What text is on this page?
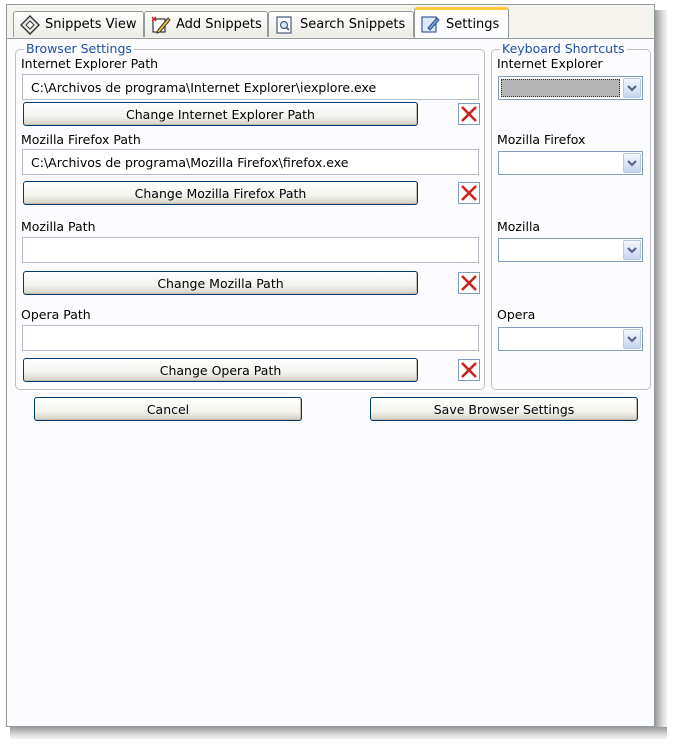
Snippets View	Add Snippets	Search Snippets	Settings
Browser Settings
Internet Explorer Path
C:\Archivos de programa\Internet Explorer\iexplore.exe
Change Internet Explorer Path
Mozilla Firefox Path
C:\Archivos de programa\Mozilla Firefox\firefox.exe
Change Mozilla Firefox Path
Mozilla Path
Change Mozilla Path
Opera Path
Change Opera Path
Keyboard Shortcuts
Internet Explorer
Mozilla Firefox
Mozilla
Opera
Cancel	Save Browser Settings
